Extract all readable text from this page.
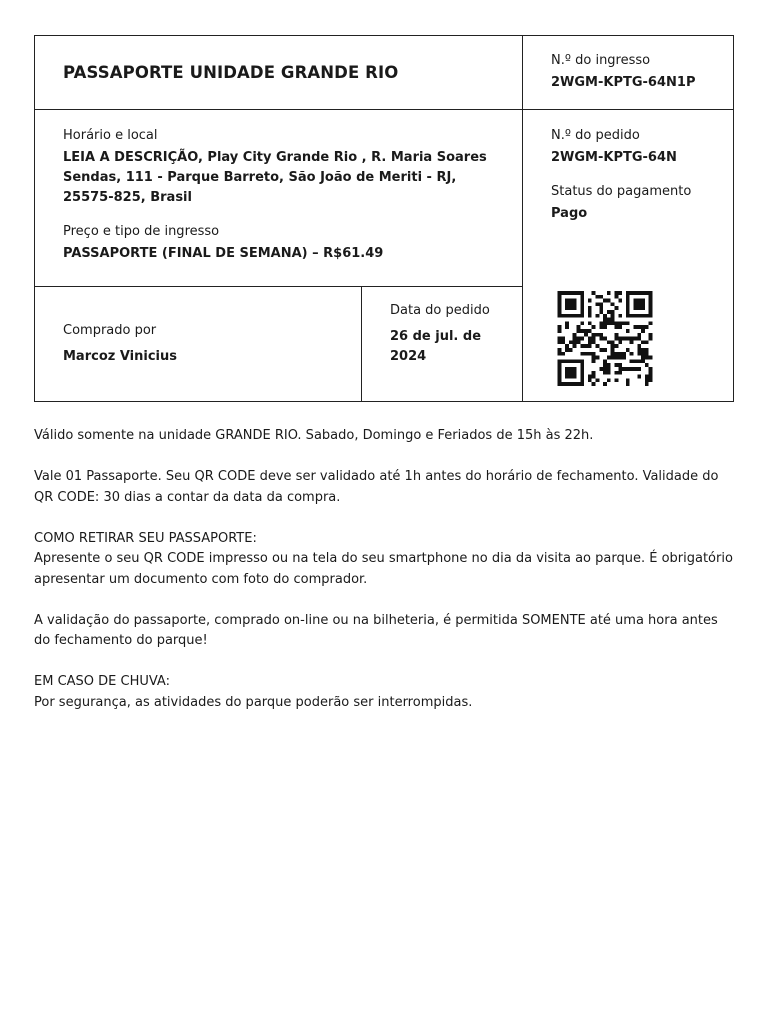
PASSAPORTE UNIDADE GRANDE RIO
N.º do ingresso
2WGM-KPTG-64N1P
Horário e local
LEIA A DESCRIÇÃO, Play City Grande Rio , R. Maria Soares Sendas, 111 - Parque Barreto, São João de Meriti - RJ, 25575-825, Brasil
Preço e tipo de ingresso
PASSAPORTE (FINAL DE SEMANA) – R$61.49
N.º do pedido
2WGM-KPTG-64N
Status do pagamento
Pago
Comprado por
Marcoz Vinicius
Data do pedido
26 de jul. de 2024

Válido somente na unidade GRANDE RIO. Sabado, Domingo e Feriados de 15h às 22h.

Vale 01 Passaporte. Seu QR CODE deve ser validado até 1h antes do horário de fechamento. Validade do QR CODE: 30 dias a contar da data da compra.

COMO RETIRAR SEU PASSAPORTE:
Apresente o seu QR CODE impresso ou na tela do seu smartphone no dia da visita ao parque. É obrigatório apresentar um documento com foto do comprador.

A validação do passaporte, comprado on-line ou na bilheteria, é permitida SOMENTE até uma hora antes do fechamento do parque!

EM CASO DE CHUVA:
Por segurança, as atividades do parque poderão ser interrompidas.
